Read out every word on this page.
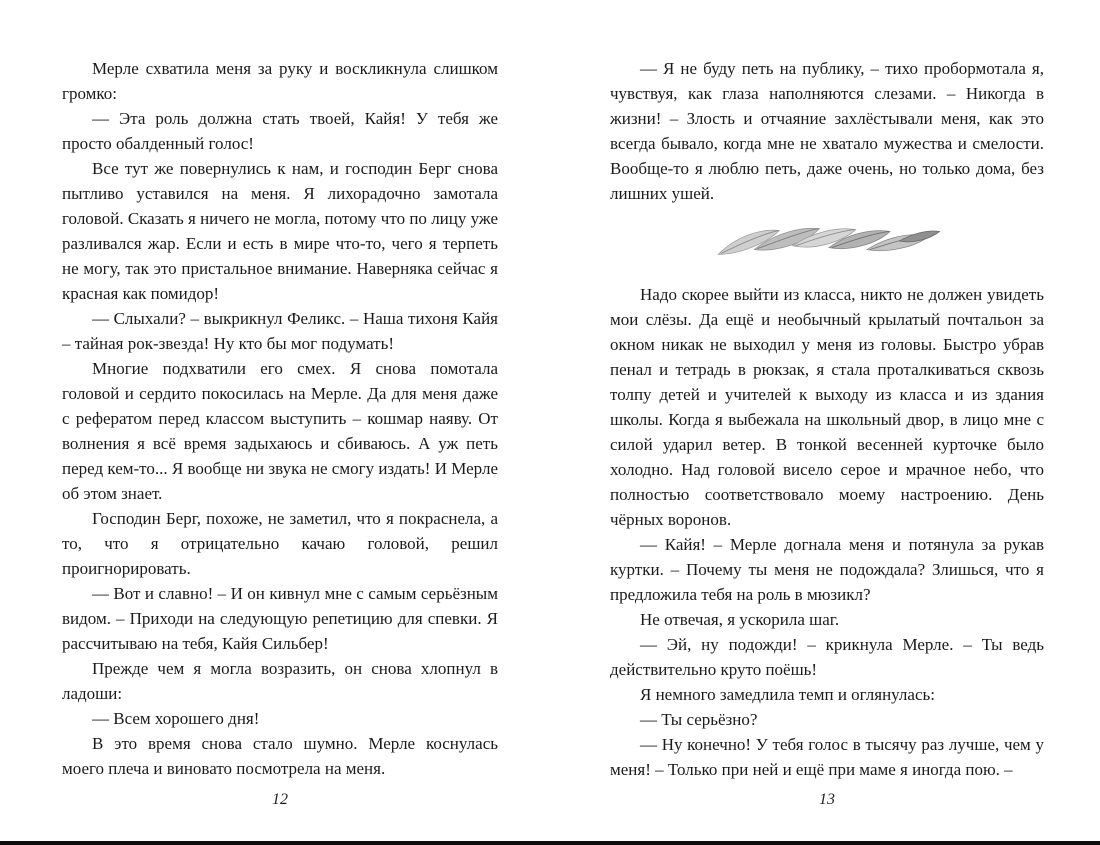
Мерле схватила меня за руку и воскликнула слишком громко:

— Эта роль должна стать твоей, Кайя! У тебя же просто обалденный голос!

Все тут же повернулись к нам, и господин Берг снова пытливо уставился на меня. Я лихорадочно замотала головой. Сказать я ничего не могла, потому что по лицу уже разливался жар. Если и есть в мире что-то, чего я терпеть не могу, так это пристальное внимание. Наверняка сейчас я красная как помидор!

— Слыхали? – выкрикнул Феликс. – Наша тихоня Кайя – тайная рок-звезда! Ну кто бы мог подумать!

Многие подхватили его смех. Я снова помотала головой и сердито покосилась на Мерле. Да для меня даже с рефератом перед классом выступить – кошмар наяву. От волнения я всё время задыхаюсь и сбиваюсь. А уж петь перед кем-то... Я вообще ни звука не смогу издать! И Мерле об этом знает.

Господин Берг, похоже, не заметил, что я покраснела, а то, что я отрицательно качаю головой, решил проигнорировать.

— Вот и славно! – И он кивнул мне с самым серьёзным видом. – Приходи на следующую репетицию для спевки. Я рассчитываю на тебя, Кайя Сильбер!

Прежде чем я могла возразить, он снова хлопнул в ладоши:

— Всем хорошего дня!

В это время снова стало шумно. Мерле коснулась моего плеча и виновато посмотрела на меня.

12

— Я не буду петь на публику, – тихо пробормотала я, чувствуя, как глаза наполняются слезами. – Никогда в жизни! – Злость и отчаяние захлёстывали меня, как это всегда бывало, когда мне не хватало мужества и смелости. Вообще-то я люблю петь, даже очень, но только дома, без лишних ушей.

Надо скорее выйти из класса, никто не должен увидеть мои слёзы. Да ещё и необычный крылатый почтальон за окном никак не выходил у меня из головы. Быстро убрав пенал и тетрадь в рюкзак, я стала проталкиваться сквозь толпу детей и учителей к выходу из класса и из здания школы. Когда я выбежала на школьный двор, в лицо мне с силой ударил ветер. В тонкой весенней курточке было холодно. Над головой висело серое и мрачное небо, что полностью соответствовало моему настроению. День чёрных воронов.

— Кайя! – Мерле догнала меня и потянула за рукав куртки. – Почему ты меня не подождала? Злишься, что я предложила тебя на роль в мюзикл?

Не отвечая, я ускорила шаг.

— Эй, ну подожди! – крикнула Мерле. – Ты ведь действительно круто поёшь!

Я немного замедлила темп и оглянулась:

— Ты серьёзно?

— Ну конечно! У тебя голос в тысячу раз лучше, чем у меня! – Только при ней и ещё при маме я иногда пою. –

13
